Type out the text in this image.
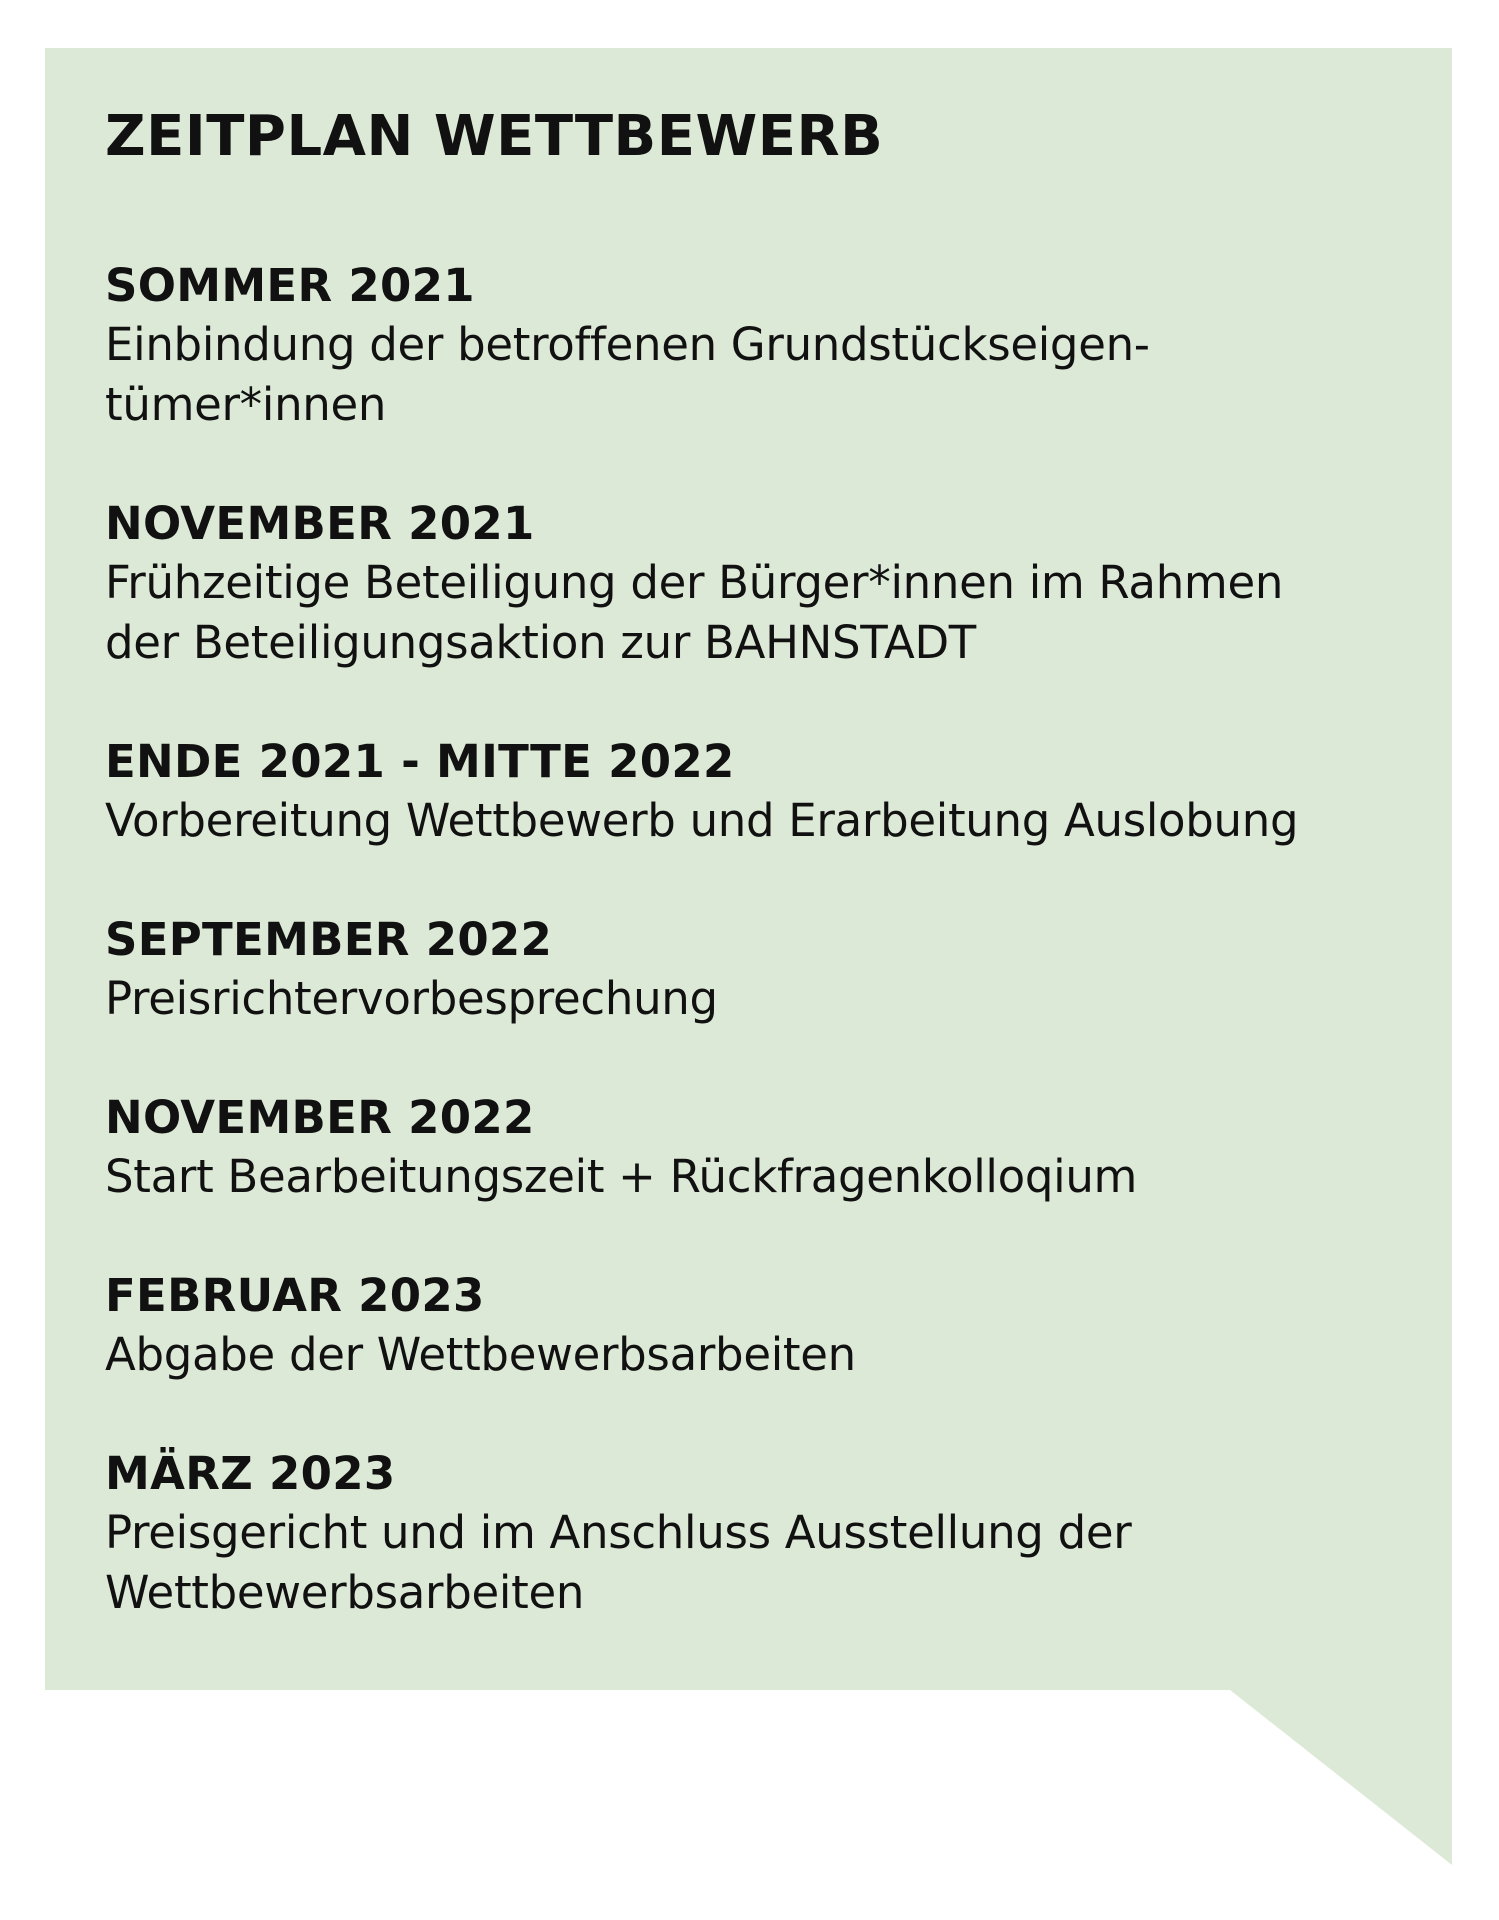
ZEITPLAN WETTBEWERB
SOMMER 2021
Einbindung der betroffenen Grundstückseigen-
tümer*innen
NOVEMBER 2021
Frühzeitige Beteiligung der Bürger*innen im Rahmen
der Beteiligungsaktion zur BAHNSTADT
ENDE 2021 - MITTE 2022
Vorbereitung Wettbewerb und Erarbeitung Auslobung
SEPTEMBER 2022
Preisrichtervorbesprechung
NOVEMBER 2022
Start Bearbeitungszeit + Rückfragenkolloqium
FEBRUAR 2023
Abgabe der Wettbewerbsarbeiten
MÄRZ 2023
Preisgericht und im Anschluss Ausstellung der
Wettbewerbsarbeiten
